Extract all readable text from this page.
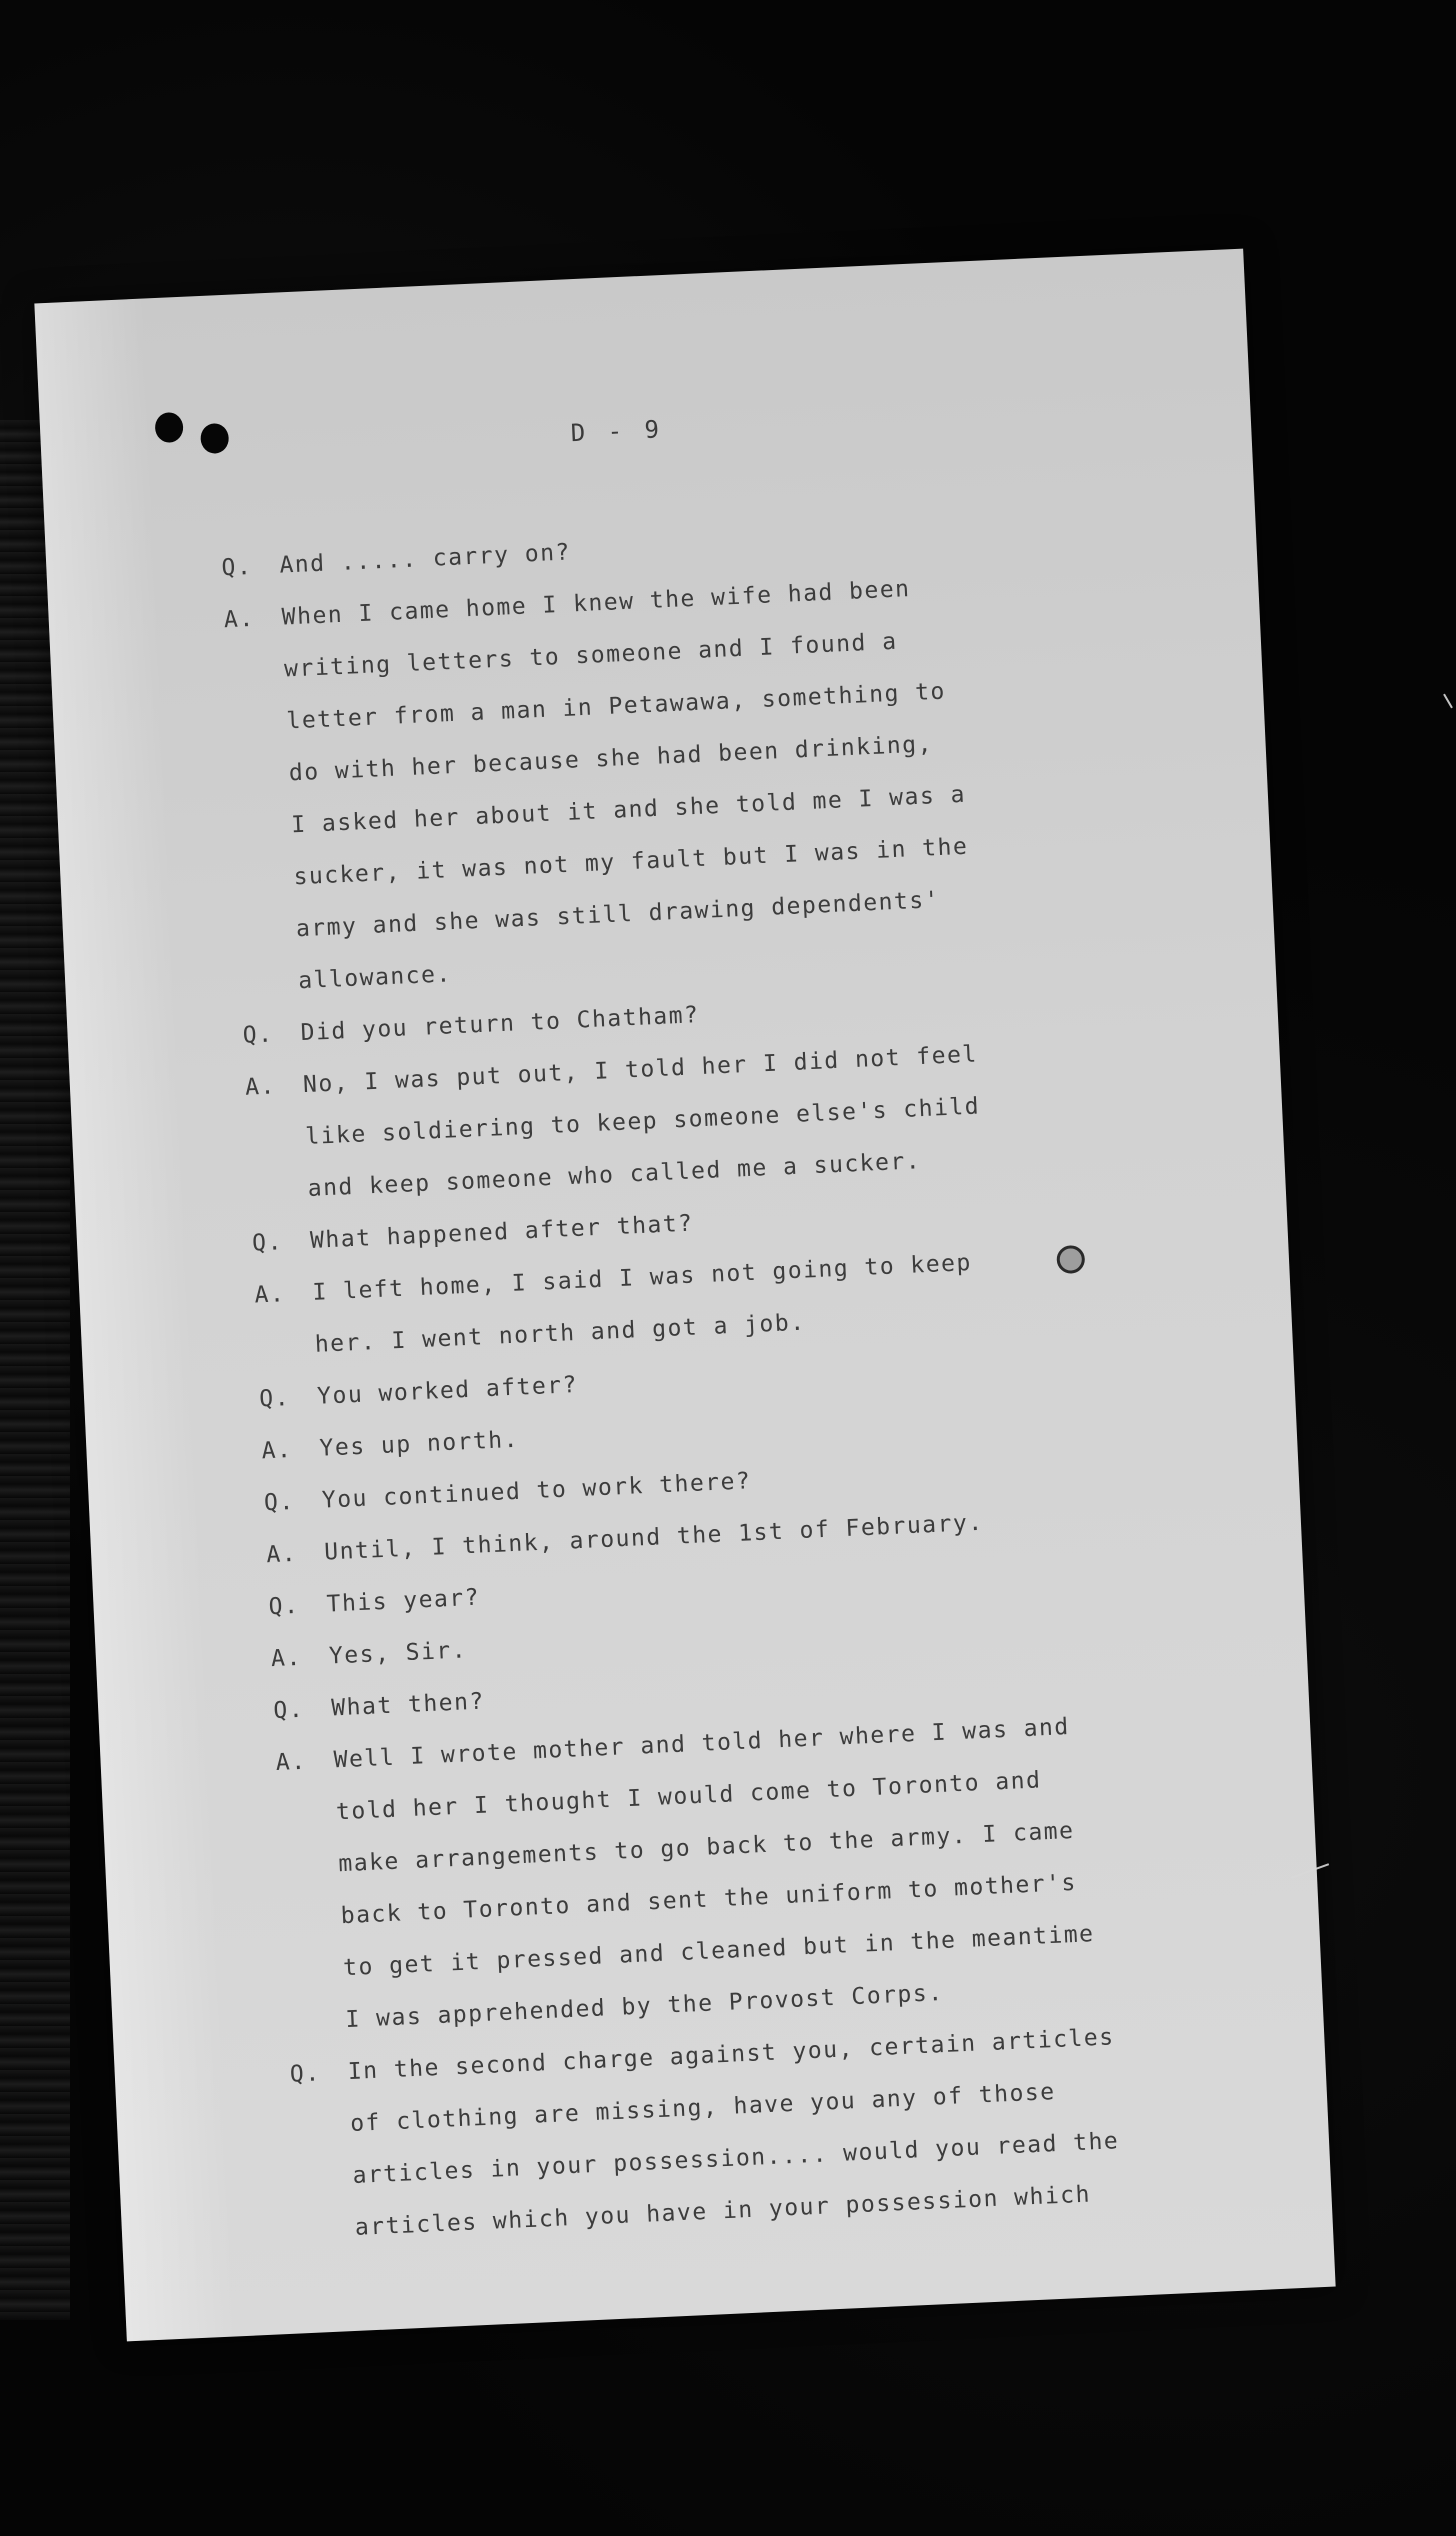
D - 9
Q.	And ..... carry on?
A.	When I came home I knew the wife had been
writing letters to someone and I found a
letter from a man in Petawawa, something to
do with her because she had been drinking,
I asked her about it and she told me I was a
sucker, it was not my fault but I was in the
army and she was still drawing dependents'
allowance.
Q.	Did you return to Chatham?
A.	No, I was put out, I told her I did not feel
like soldiering to keep someone else's child
and keep someone who called me a sucker.
Q.	What happened after that?
A.	I left home, I said I was not going to keep
her. I went north and got a job.
Q.	You worked after?
A.	Yes up north.
Q.	You continued to work there?
A.	Until, I think, around the 1st of February.
Q.	This year?
A.	Yes, Sir.
Q.	What then?
A.	Well I wrote mother and told her where I was and
told her I thought I would come to Toronto and
make arrangements to go back to the army. I came
back to Toronto and sent the uniform to mother's
to get it pressed and cleaned but in the meantime
I was apprehended by the Provost Corps.
Q.	In the second charge against you, certain articles
of clothing are missing, have you any of those
articles in your possession.... would you read the
articles which you have in your possession which
